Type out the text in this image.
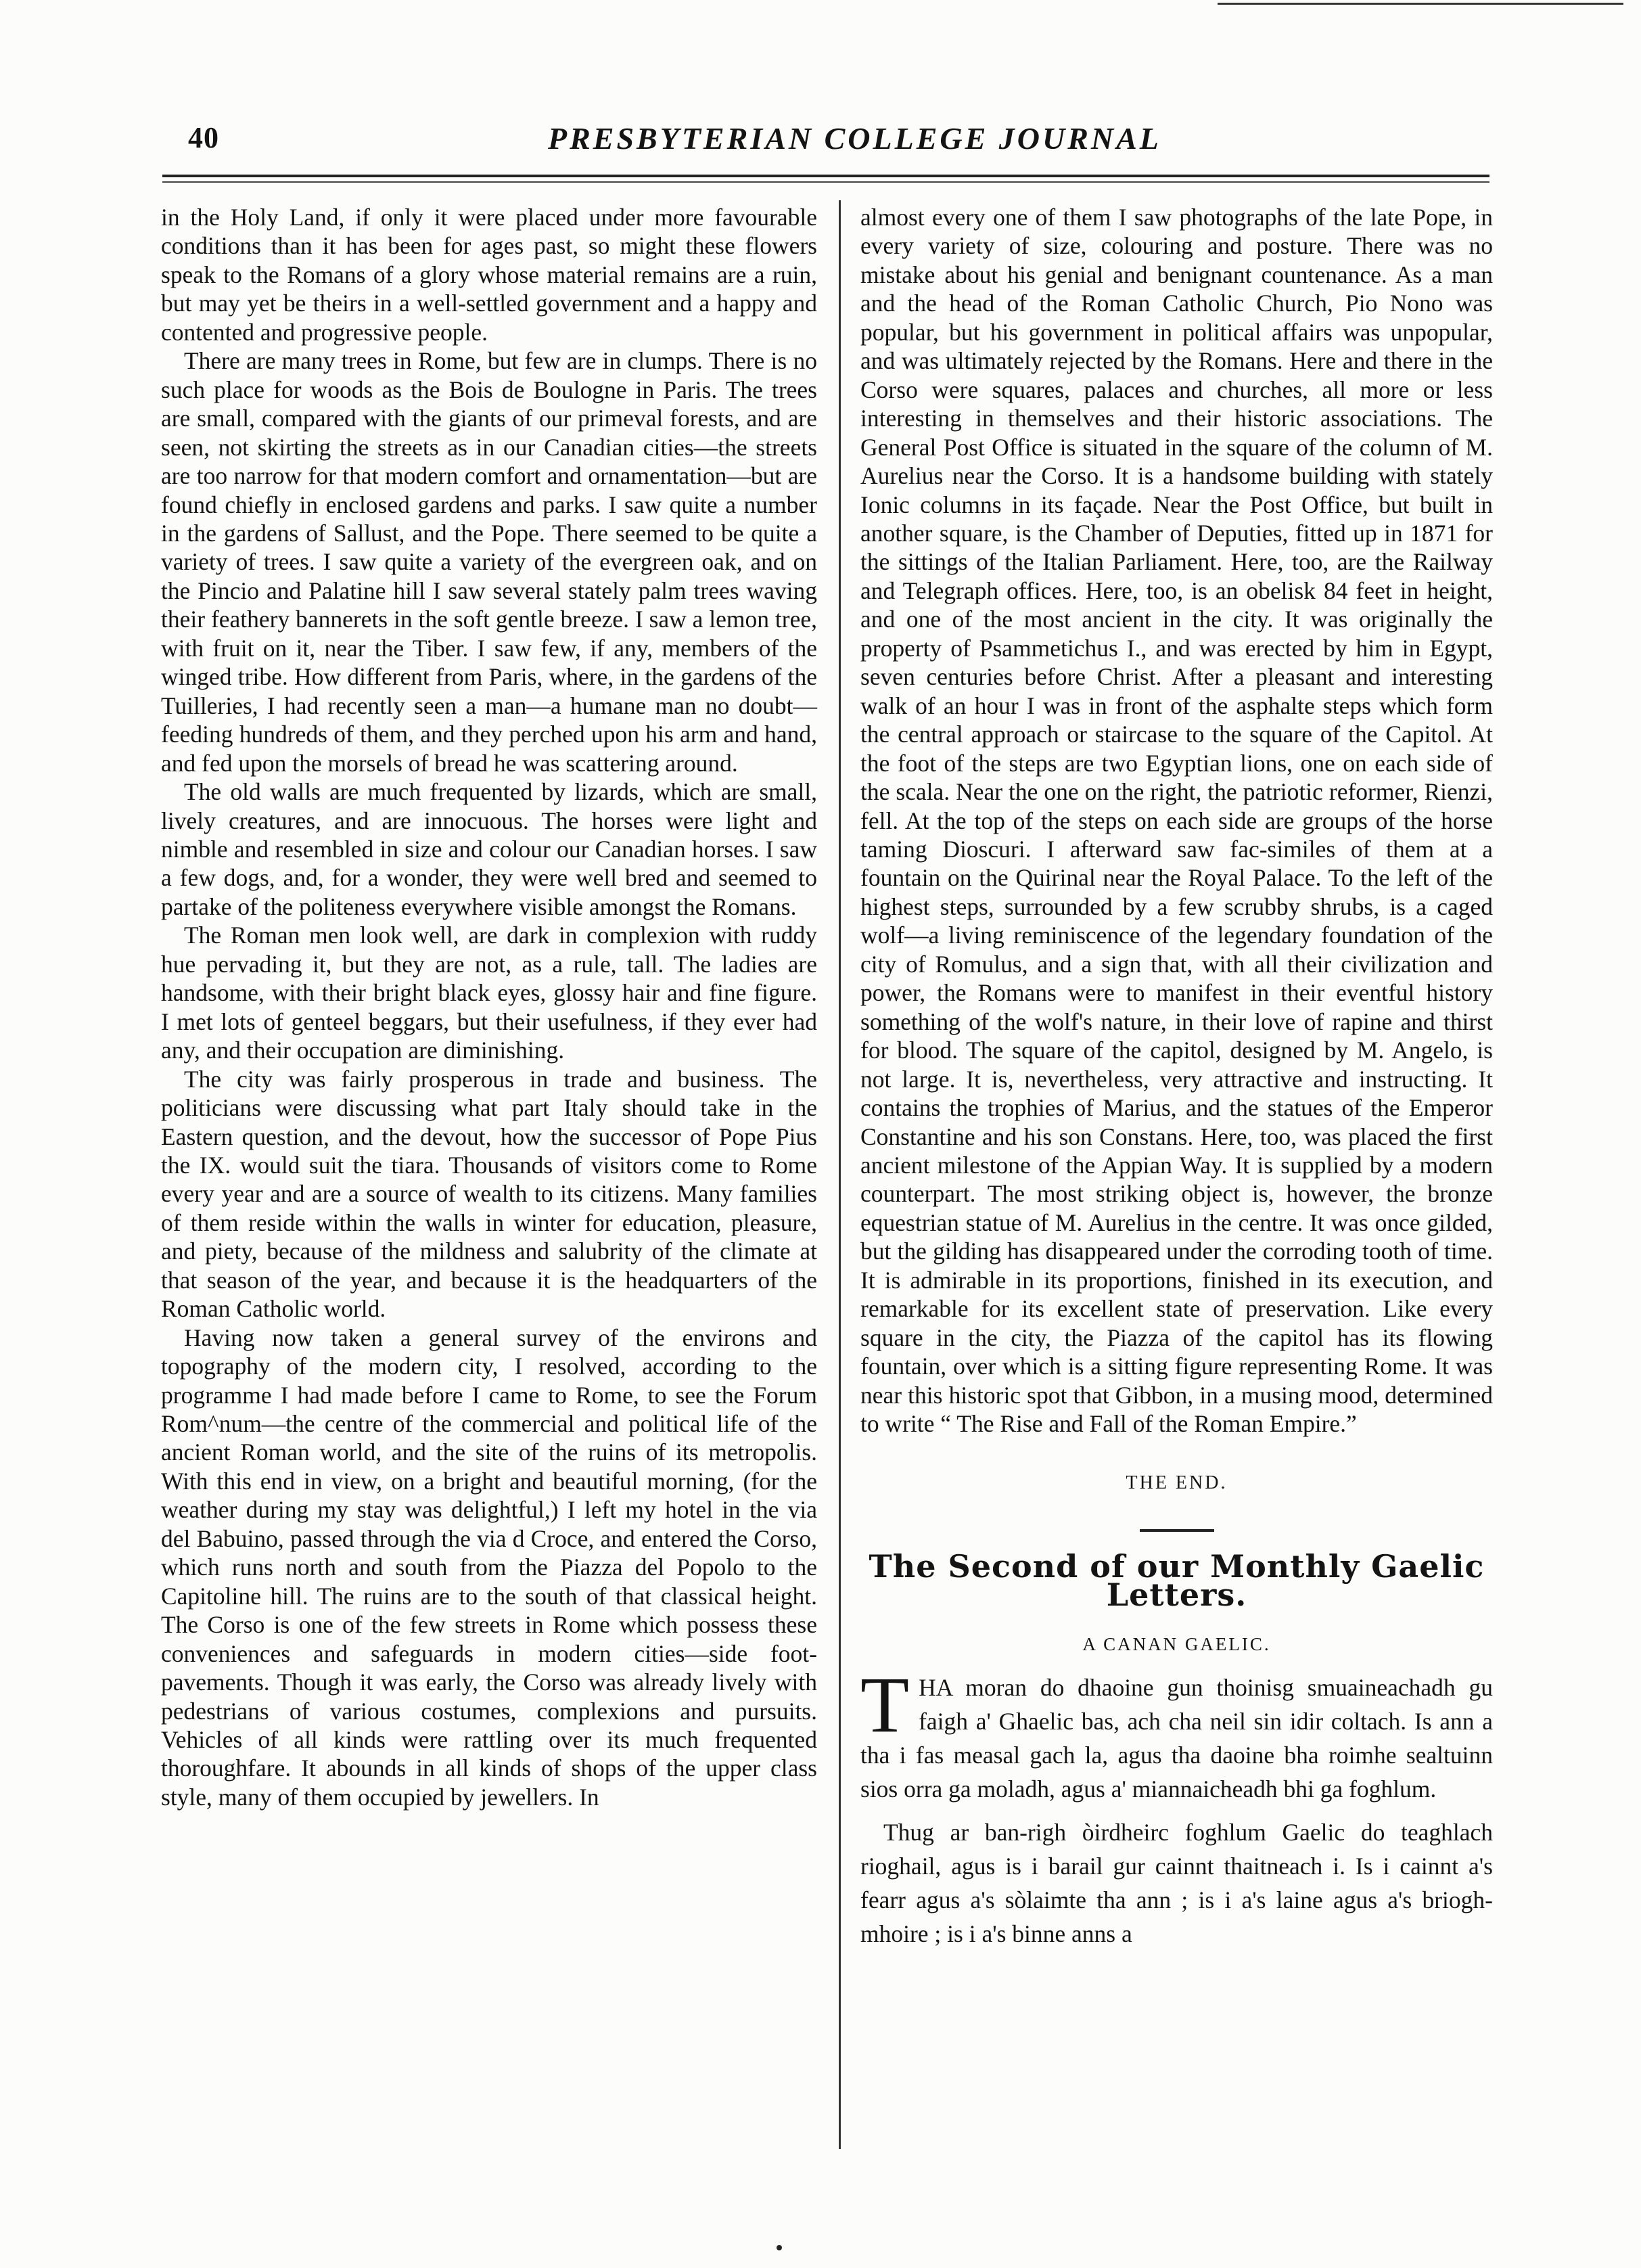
40	PRESBYTERIAN COLLEGE JOURNAL

in the Holy Land, if only it were placed under more favourable conditions than it has been for ages past, so might these flowers speak to the Romans of a glory whose material remains are a ruin, but may yet be theirs in a well-settled government and a happy and contented and progressive people.

There are many trees in Rome, but few are in clumps. There is no such place for woods as the Bois de Boulogne in Paris. The trees are small, compared with the giants of our primeval forests, and are seen, not skirting the streets as in our Canadian cities—the streets are too narrow for that modern comfort and ornamentation—but are found chiefly in enclosed gardens and parks. I saw quite a number in the gardens of Sallust, and the Pope. There seemed to be quite a variety of trees. I saw quite a variety of the evergreen oak, and on the Pincio and Palatine hill I saw several stately palm trees waving their feathery bannerets in the soft gentle breeze. I saw a lemon tree, with fruit on it, near the Tiber. I saw few, if any, members of the winged tribe. How different from Paris, where, in the gardens of the Tuilleries, I had recently seen a man—a humane man no doubt—feeding hundreds of them, and they perched upon his arm and hand, and fed upon the morsels of bread he was scattering around.

The old walls are much frequented by lizards, which are small, lively creatures, and are innocuous. The horses were light and nimble and resembled in size and colour our Canadian horses. I saw a few dogs, and, for a wonder, they were well bred and seemed to partake of the politeness everywhere visible amongst the Romans.

The Roman men look well, are dark in complexion with ruddy hue pervading it, but they are not, as a rule, tall. The ladies are handsome, with their bright black eyes, glossy hair and fine figure. I met lots of genteel beggars, but their usefulness, if they ever had any, and their occupation are diminishing.

The city was fairly prosperous in trade and business. The politicians were discussing what part Italy should take in the Eastern question, and the devout, how the successor of Pope Pius the IX. would suit the tiara. Thousands of visitors come to Rome every year and are a source of wealth to its citizens. Many families of them reside within the walls in winter for education, pleasure, and piety, because of the mildness and salubrity of the climate at that season of the year, and because it is the headquarters of the Roman Catholic world.

Having now taken a general survey of the environs and topography of the modern city, I resolved, according to the programme I had made before I came to Rome, to see the Forum Rom^num—the centre of the commercial and political life of the ancient Roman world, and the site of the ruins of its metropolis. With this end in view, on a bright and beautiful morning, (for the weather during my stay was delightful,) I left my hotel in the via del Babuino, passed through the via d Croce, and entered the Corso, which runs north and south from the Piazza del Popolo to the Capitoline hill. The ruins are to the south of that classical height. The Corso is one of the few streets in Rome which possess these conveniences and safeguards in modern cities—side foot-pavements. Though it was early, the Corso was already lively with pedestrians of various costumes, complexions and pursuits. Vehicles of all kinds were rattling over its much frequented thoroughfare. It abounds in all kinds of shops of the upper class style, many of them occupied by jewellers. In

almost every one of them I saw photographs of the late Pope, in every variety of size, colouring and posture. There was no mistake about his genial and benignant countenance. As a man and the head of the Roman Catholic Church, Pio Nono was popular, but his government in political affairs was unpopular, and was ultimately rejected by the Romans. Here and there in the Corso were squares, palaces and churches, all more or less interesting in themselves and their historic associations. The General Post Office is situated in the square of the column of M. Aurelius near the Corso. It is a handsome building with stately Ionic columns in its façade. Near the Post Office, but built in another square, is the Chamber of Deputies, fitted up in 1871 for the sittings of the Italian Parliament. Here, too, are the Railway and Telegraph offices. Here, too, is an obelisk 84 feet in height, and one of the most ancient in the city. It was originally the property of Psammetichus I., and was erected by him in Egypt, seven centuries before Christ. After a pleasant and interesting walk of an hour I was in front of the asphalte steps which form the central approach or staircase to the square of the Capitol. At the foot of the steps are two Egyptian lions, one on each side of the scala. Near the one on the right, the patriotic reformer, Rienzi, fell. At the top of the steps on each side are groups of the horse taming Dioscuri. I afterward saw fac-similes of them at a fountain on the Quirinal near the Royal Palace. To the left of the highest steps, surrounded by a few scrubby shrubs, is a caged wolf—a living reminiscence of the legendary foundation of the city of Romulus, and a sign that, with all their civilization and power, the Romans were to manifest in their eventful history something of the wolf's nature, in their love of rapine and thirst for blood. The square of the capitol, designed by M. Angelo, is not large. It is, nevertheless, very attractive and instructing. It contains the trophies of Marius, and the statues of the Emperor Constantine and his son Constans. Here, too, was placed the first ancient milestone of the Appian Way. It is supplied by a modern counterpart. The most striking object is, however, the bronze equestrian statue of M. Aurelius in the centre. It was once gilded, but the gilding has disappeared under the corroding tooth of time. It is admirable in its proportions, finished in its execution, and remarkable for its excellent state of preservation. Like every square in the city, the Piazza of the capitol has its flowing fountain, over which is a sitting figure representing Rome. It was near this historic spot that Gibbon, in a musing mood, determined to write “ The Rise and Fall of the Roman Empire.”

THE END.
The Second of our Monthly Gaelic Letters.
A CANAN GAELIC.

THA moran do dhaoine gun thoinisg smuaineachadh gu faigh a' Ghaelic bas, ach cha neil sin idir coltach. Is ann a tha i fas measal gach la, agus tha daoine bha roimhe sealtuinn sios orra ga moladh, agus a' miannaicheadh bhi ga foghlum.

Thug ar ban-righ òirdheirc foghlum Gaelic do teaghlach rioghail, agus is i barail gur cainnt thaitneach i. Is i cainnt a's fearr agus a's sòlaimte tha ann ; is i a's laine agus a's briogh-mhoire ; is i a's binne anns a
